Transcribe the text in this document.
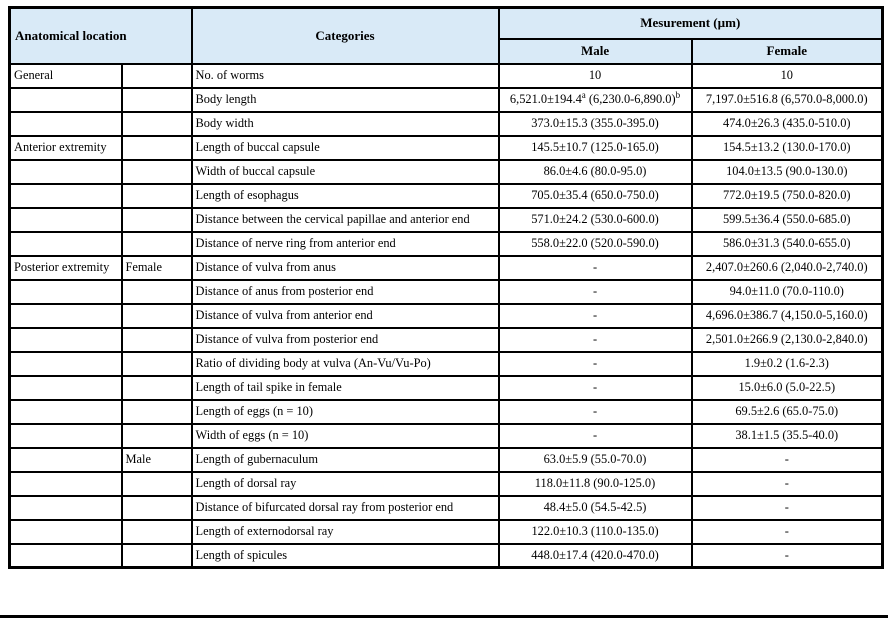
Anatomical location		Categories	Mesurement (µm)	
			Male	Female
General		No. of worms	10	10
		Body length	6,521.0±194.4$^a$ $(6,230.0-6,890.0)^b$	7,197.0±516.8 (6,570.0-8,000.0)
		Body width	373.0±15.3 (355.0-395.0)	474.0±26.3 (435.0-510.0)
Anterior extremity		Length of buccal capsule	145.5±10.7 (125.0-165.0)	154.5±13.2 (130.0-170.0)
		Width of buccal capsule	86.0±4.6 (80.0-95.0)	104.0±13.5 (90.0-130.0)
		Length of esophagus	705.0±35.4 (650.0-750.0)	772.0±19.5 (750.0-820.0)
		Distance between the cervical papillae and anterior end	571.0±24.2 (530.0-600.0)	599.5±36.4 (550.0-685.0)
		Distance of nerve ring from anterior end	558.0±22.0 (520.0-590.0)	586.0±31.3 (540.0-655.0)
Posterior extremity	Female	Distance of vulva from anus	-	2,407.0±260.6 (2,040.0-2,740.0)
		Distance of anus from posterior end	-	94.0±11.0 (70.0-110.0)
		Distance of vulva from anterior end	-	4,696.0±386.7 (4,150.0-5,160.0)
		Distance of vulva from posterior end	-	2,501.0±266.9 (2,130.0-2,840.0)
		Ratio of dividing body at vulva (An-Vu/Vu-Po)	-	1.9±0.2 (1.6-2.3)
		Length of tail spike in female	-	15.0±6.0 (5.0-22.5)
		Length of eggs (n = 10)	-	69.5±2.6 (65.0-75.0)
		Width of eggs (n = 10)	-	38.1±1.5 (35.5-40.0)
	Male	Length of gubernaculum	63.0±5.9 (55.0-70.0)	-
		Length of dorsal ray	118.0±11.8 (90.0-125.0)	-
		Distance of bifurcated dorsal ray from posterior end	48.4±5.0 (54.5-42.5)	-
		Length of externodorsal ray	122.0±10.3 (110.0-135.0)	-
		Length of spicules	448.0±17.4 (420.0-470.0)	-
